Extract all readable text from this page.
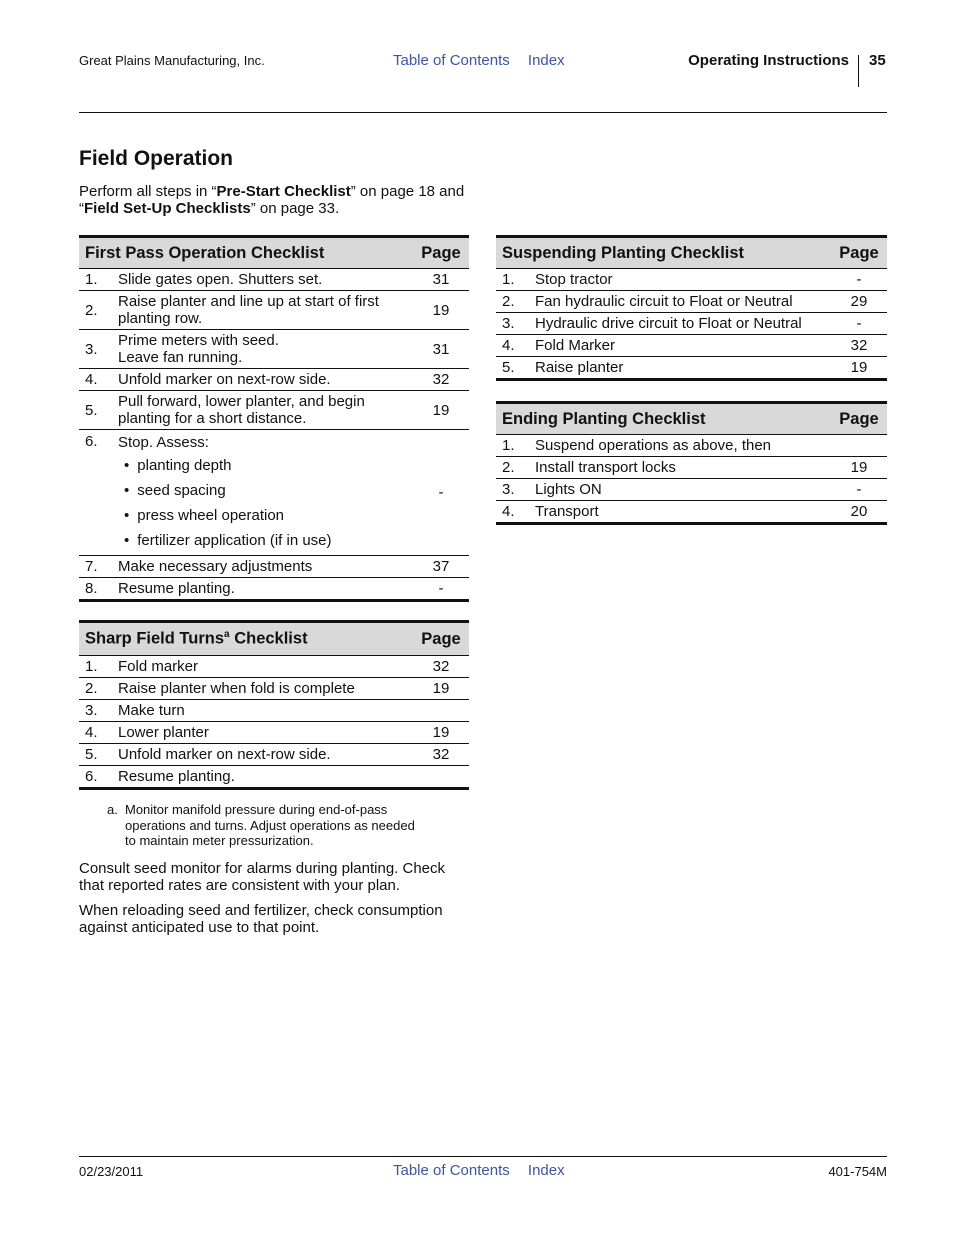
Great Plains Manufacturing, Inc.	Table of Contents Index	Operating Instructions 35
Field Operation
Perform all steps in “Pre-Start Checklist” on page 18 and “Field Set-Up Checklists” on page 33.
First Pass Operation Checklist		Page
1.	Slide gates open. Shutters set.	31
2.	Raise planter and line up at start of first planting row.	19
3.	Prime meters with seed.
Leave fan running.	31
4.	Unfold marker on next-row side.	32
5.	Pull forward, lower planter, and begin planting for a short distance.	19
6.	Stop. Assess:
• planting depth
• seed spacing
• press wheel operation
• fertilizer application (if in use)	-
7.	Make necessary adjustments	37
8.	Resume planting.	-
Sharp Field Turns$^a$ Checklist		Page
1.	Fold marker	32
2.	Raise planter when fold is complete	19
3.	Make turn	
4.	Lower planter	19
5.	Unfold marker on next-row side.	32
6.	Resume planting.	
a. Monitor manifold pressure during end-of-pass
operations and turns. Adjust operations as needed
to maintain meter pressurization.
Consult seed monitor for alarms during planting. Check that reported rates are consistent with your plan.
When reloading seed and fertilizer, check consumption against anticipated use to that point.
Suspending Planting Checklist		Page
1.	Stop tractor	-
2.	Fan hydraulic circuit to Float or Neutral	29
3.	Hydraulic drive circuit to Float or Neutral	-
4.	Fold Marker	32
5.	Raise planter	19
Ending Planting Checklist		Page
1.	Suspend operations as above, then	
2.	Install transport locks	19
3.	Lights ON	-
4.	Transport	20
02/23/2011	Table of Contents Index	401-754M
